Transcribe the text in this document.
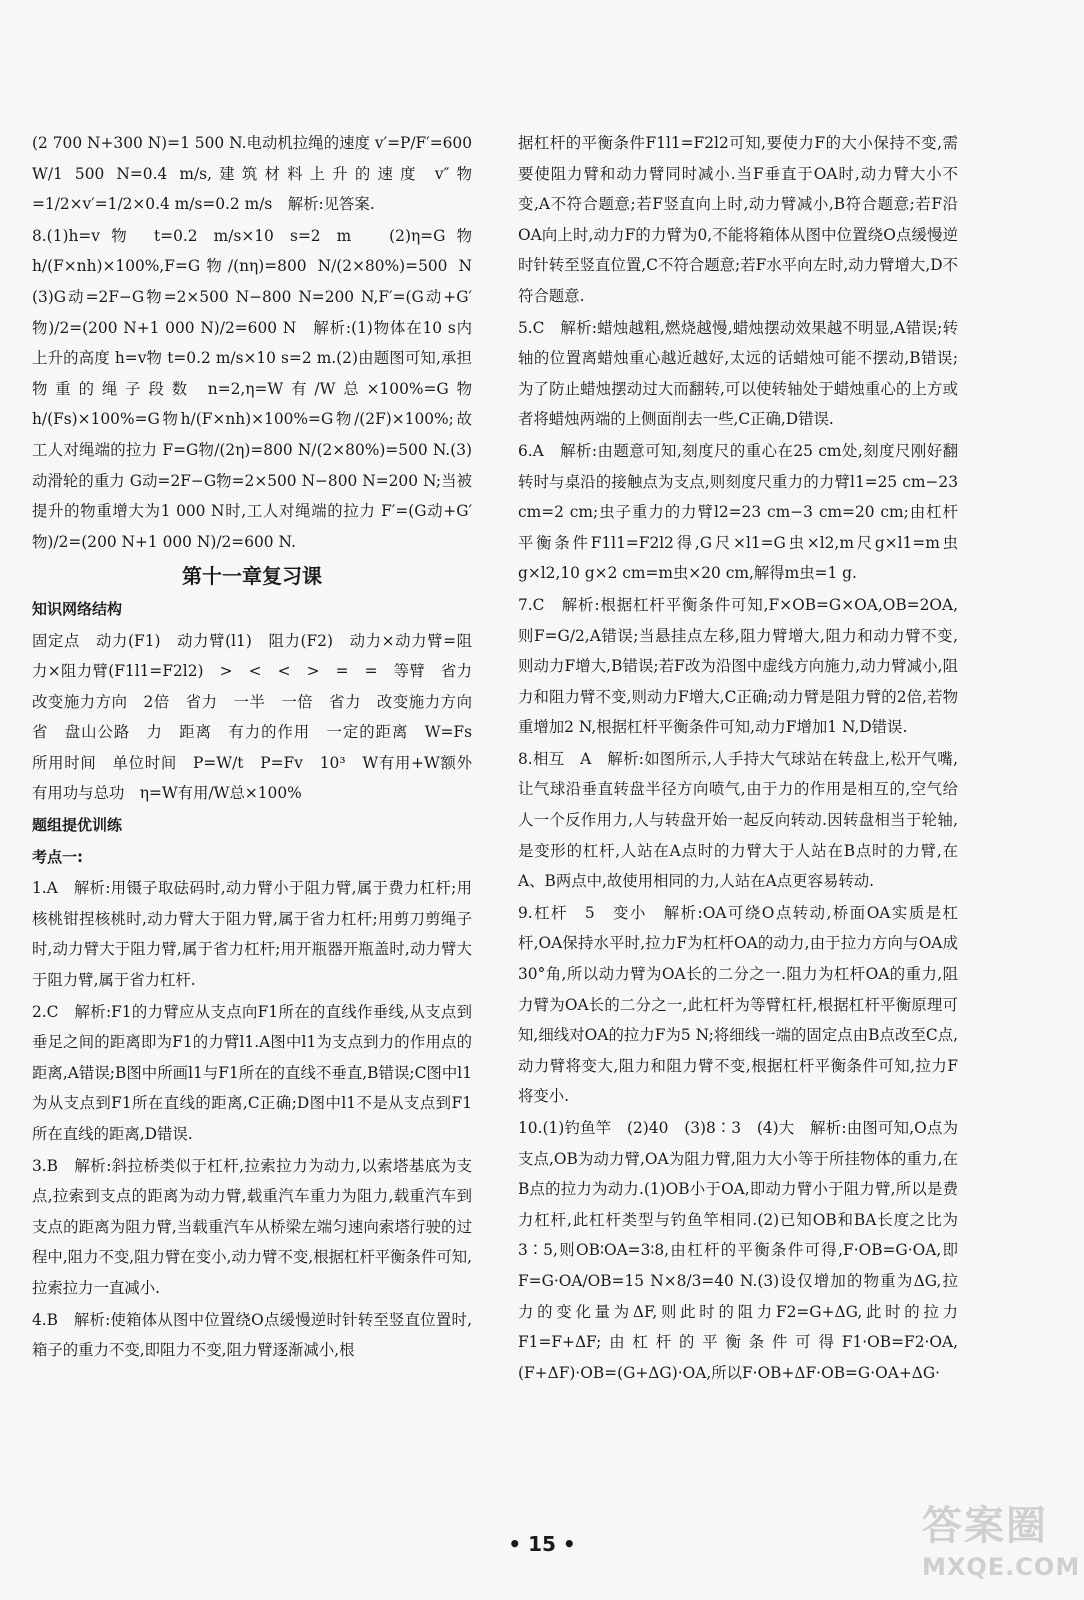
(2 700 N+300 N)=1 500 N.电动机拉绳的速度 v′=P/F′=600 W/1 500 N=0.4 m/s,建筑材料上升的速度 v″物=1/2×v′=1/2×0.4 m/s=0.2 m/s　解析:见答案.

8.(1)h=v物 t=0.2 m/s×10 s=2 m　(2)η=G物h/(F×nh)×100%,F=G物/(nη)=800 N/(2×80%)=500 N　(3)G动=2F−G物=2×500 N−800 N=200 N,F′=(G动+G′物)/2=(200 N+1 000 N)/2=600 N　解析:(1)物体在10 s内上升的高度 h=v物 t=0.2 m/s×10 s=2 m.(2)由题图可知,承担物重的绳子段数 n=2,η=W有/W总×100%=G物h/(Fs)×100%=G物h/(F×nh)×100%=G物/(2F)×100%;故工人对绳端的拉力 F=G物/(2η)=800 N/(2×80%)=500 N.(3)动滑轮的重力 G动=2F−G物=2×500 N−800 N=200 N;当被提升的物重增大为1 000 N时,工人对绳端的拉力 F′=(G动+G′物)/2=(200 N+1 000 N)/2=600 N.

第十一章复习课

知识网络结构

固定点　动力(F1)　动力臂(l1)　阻力(F2)　动力×动力臂=阻力×阻力臂(F1l1=F2l2)　>　<　<　>　=　=　等臂　省力　改变施力方向　2倍　省力　一半　一倍　省力　改变施力方向　省　盘山公路　力　距离　有力的作用　一定的距离　W=Fs　所用时间　单位时间　P=W/t　P=Fv　10³　W有用+W额外　有用功与总功　η=W有用/W总×100%

题组提优训练

考点一:

1.A　解析:用镊子取砝码时,动力臂小于阻力臂,属于费力杠杆;用核桃钳捏核桃时,动力臂大于阻力臂,属于省力杠杆;用剪刀剪绳子时,动力臂大于阻力臂,属于省力杠杆;用开瓶器开瓶盖时,动力臂大于阻力臂,属于省力杠杆.

2.C　解析:F1的力臂应从支点向F1所在的直线作垂线,从支点到垂足之间的距离即为F1的力臂l1.A图中l1为支点到力的作用点的距离,A错误;B图中所画l1与F1所在的直线不垂直,B错误;C图中l1为从支点到F1所在直线的距离,C正确;D图中l1不是从支点到F1所在直线的距离,D错误.

3.B　解析:斜拉桥类似于杠杆,拉索拉力为动力,以索塔基底为支点,拉索到支点的距离为动力臂,载重汽车重力为阻力,载重汽车到支点的距离为阻力臂,当载重汽车从桥梁左端匀速向索塔行驶的过程中,阻力不变,阻力臂在变小,动力臂不变,根据杠杆平衡条件可知,拉索拉力一直减小.

4.B　解析:使箱体从图中位置绕O点缓慢逆时针转至竖直位置时,箱子的重力不变,即阻力不变,阻力臂逐渐减小,根

据杠杆的平衡条件F1l1=F2l2可知,要使力F的大小保持不变,需要使阻力臂和动力臂同时减小.当F垂直于OA时,动力臂大小不变,A不符合题意;若F竖直向上时,动力臂减小,B符合题意;若F沿OA向上时,动力F的力臂为0,不能将箱体从图中位置绕O点缓慢逆时针转至竖直位置,C不符合题意;若F水平向左时,动力臂增大,D不符合题意.

5.C　解析:蜡烛越粗,燃烧越慢,蜡烛摆动效果越不明显,A错误;转轴的位置离蜡烛重心越近越好,太远的话蜡烛可能不摆动,B错误;为了防止蜡烛摆动过大而翻转,可以使转轴处于蜡烛重心的上方或者将蜡烛两端的上侧面削去一些,C正确,D错误.

6.A　解析:由题意可知,刻度尺的重心在25 cm处,刻度尺刚好翻转时与桌沿的接触点为支点,则刻度尺重力的力臂l1=25 cm−23 cm=2 cm;虫子重力的力臂l2=23 cm−3 cm=20 cm;由杠杆平衡条件F1l1=F2l2得,G尺×l1=G虫×l2,m尺g×l1=m虫g×l2,10 g×2 cm=m虫×20 cm,解得m虫=1 g.

7.C　解析:根据杠杆平衡条件可知,F×OB=G×OA,OB=2OA,则F=G/2,A错误;当悬挂点左移,阻力臂增大,阻力和动力臂不变,则动力F增大,B错误;若F改为沿图中虚线方向施力,动力臂减小,阻力和阻力臂不变,则动力F增大,C正确;动力臂是阻力臂的2倍,若物重增加2 N,根据杠杆平衡条件可知,动力F增加1 N,D错误.

8.相互　A　解析:如图所示,人手持大气球站在转盘上,松开气嘴,让气球沿垂直转盘半径方向喷气,由于力的作用是相互的,空气给人一个反作用力,人与转盘开始一起反向转动.因转盘相当于轮轴,是变形的杠杆,人站在A点时的力臂大于人站在B点时的力臂,在A、B两点中,故使用相同的力,人站在A点更容易转动.

9.杠杆　5　变小　解析:OA可绕O点转动,桥面OA实质是杠杆,OA保持水平时,拉力F为杠杆OA的动力,由于拉力方向与OA成30°角,所以动力臂为OA长的二分之一.阻力为杠杆OA的重力,阻力臂为OA长的二分之一,此杠杆为等臂杠杆,根据杠杆平衡原理可知,细线对OA的拉力F为5 N;将细线一端的固定点由B点改至C点,动力臂将变大,阻力和阻力臂不变,根据杠杆平衡条件可知,拉力F将变小.

10.(1)钓鱼竿　(2)40　(3)8∶3　(4)大　解析:由图可知,O点为支点,OB为动力臂,OA为阻力臂,阻力大小等于所挂物体的重力,在B点的拉力为动力.(1)OB小于OA,即动力臂小于阻力臂,所以是费力杠杆,此杠杆类型与钓鱼竿相同.(2)已知OB和BA长度之比为3∶5,则OB∶OA=3∶8,由杠杆的平衡条件可得,F·OB=G·OA,即F=G·OA/OB=15 N×8/3=40 N.(3)设仅增加的物重为ΔG,拉力的变化量为ΔF,则此时的阻力F2=G+ΔG,此时的拉力F1=F+ΔF;由杠杆的平衡条件可得F1·OB=F2·OA,(F+ΔF)·OB=(G+ΔG)·OA,所以F·OB+ΔF·OB=G·OA+ΔG·

• 15 •	答案圈
MXQE.COM
